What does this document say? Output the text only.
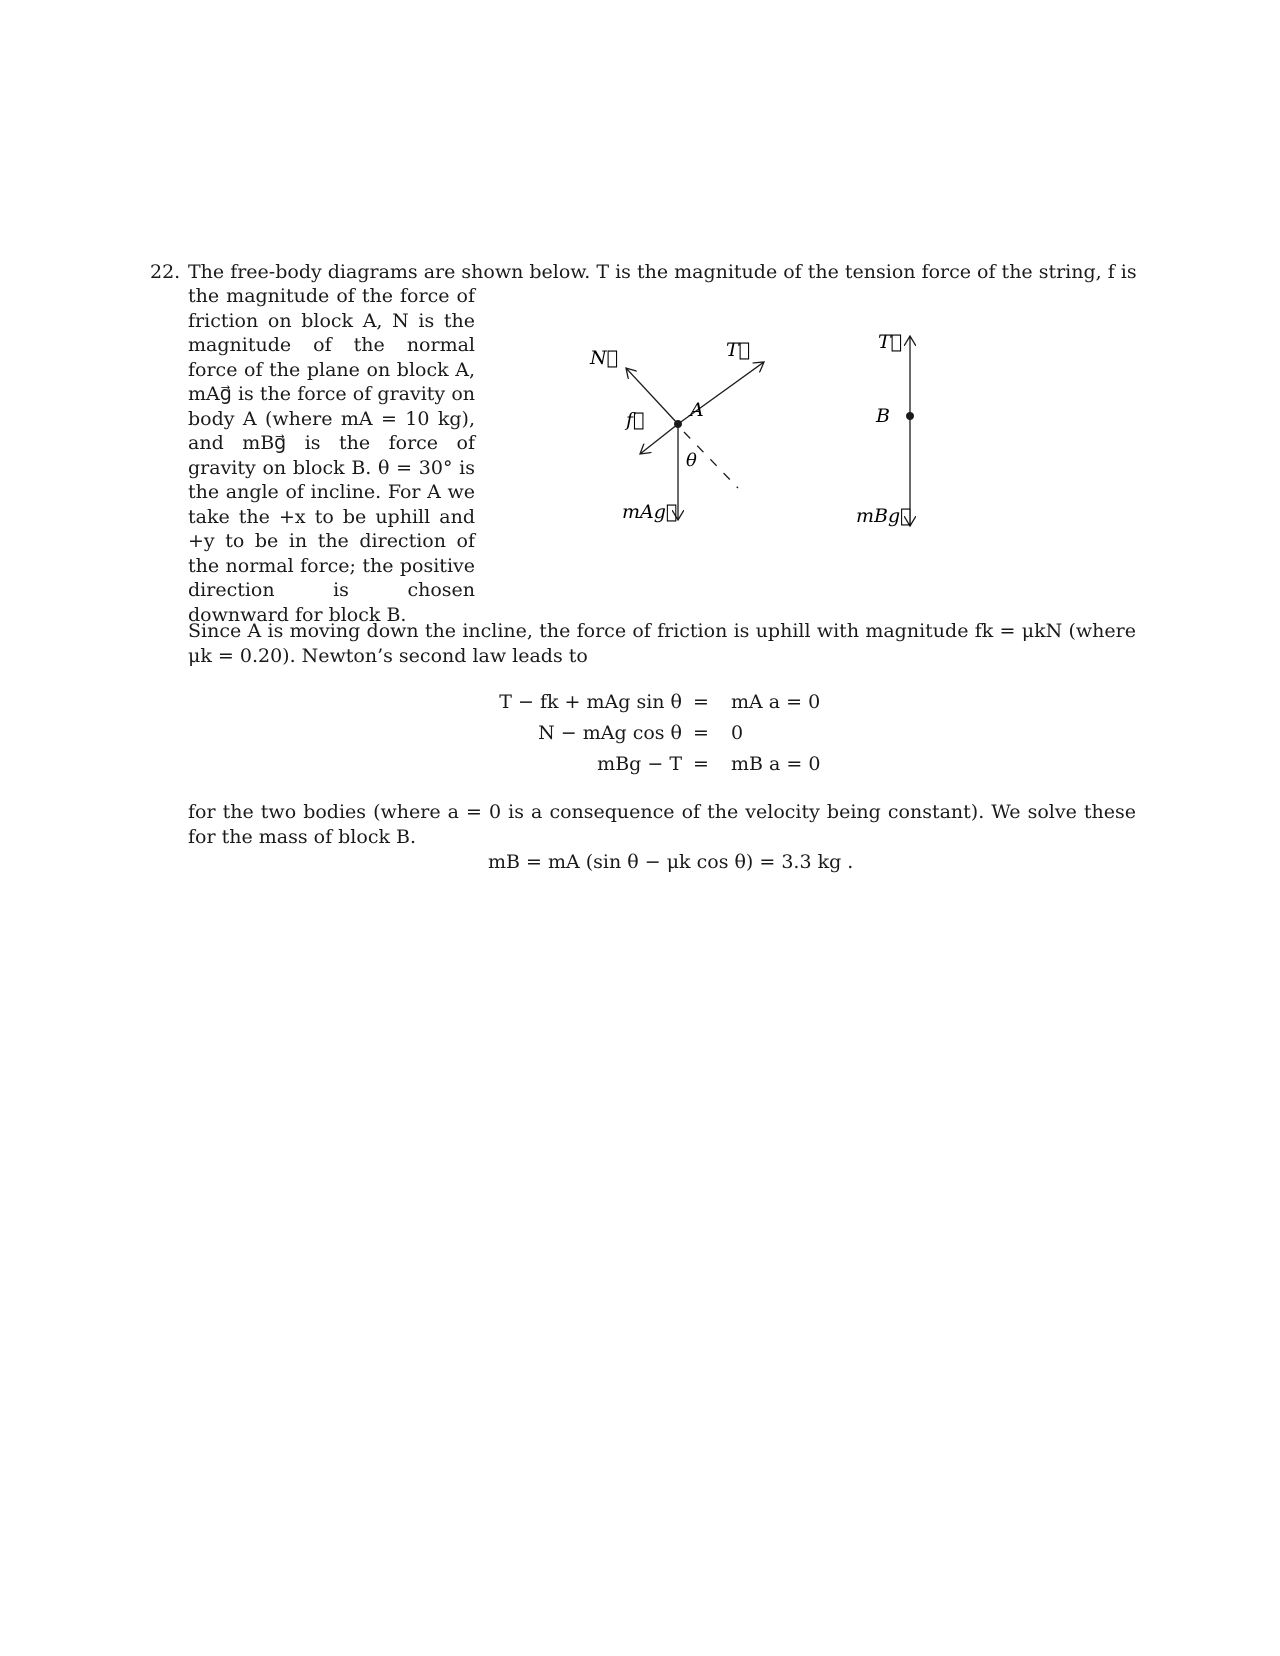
22. The free-body diagrams are shown below. T is the magnitude of the tension force of the string, f is
the magnitude of the force of friction on block A, N is the magnitude of the normal force of the plane on block A, mAg⃗ is the force of gravity on body A (where mA = 10 kg), and mBg⃗ is the force of gravity on block B. θ = 30° is the angle of incline. For A we take the +x to be uphill and +y to be in the direction of the normal force; the positive direction is chosen downward for block B.
N⃗	T⃗
f⃗ A
θ
mAg⃗
T⃗
B
mBg⃗
Since A is moving down the incline, the force of friction is uphill with magnitude fk = μkN (where μk = 0.20). Newton’s second law leads to
T − fk + mAg sin θ = mA a = 0
N − mAg cos θ = 0
mBg − T = mB a = 0
for the two bodies (where a = 0 is a consequence of the velocity being constant). We solve these for the mass of block B.
mB = mA (sin θ − μk cos θ) = 3.3 kg .
